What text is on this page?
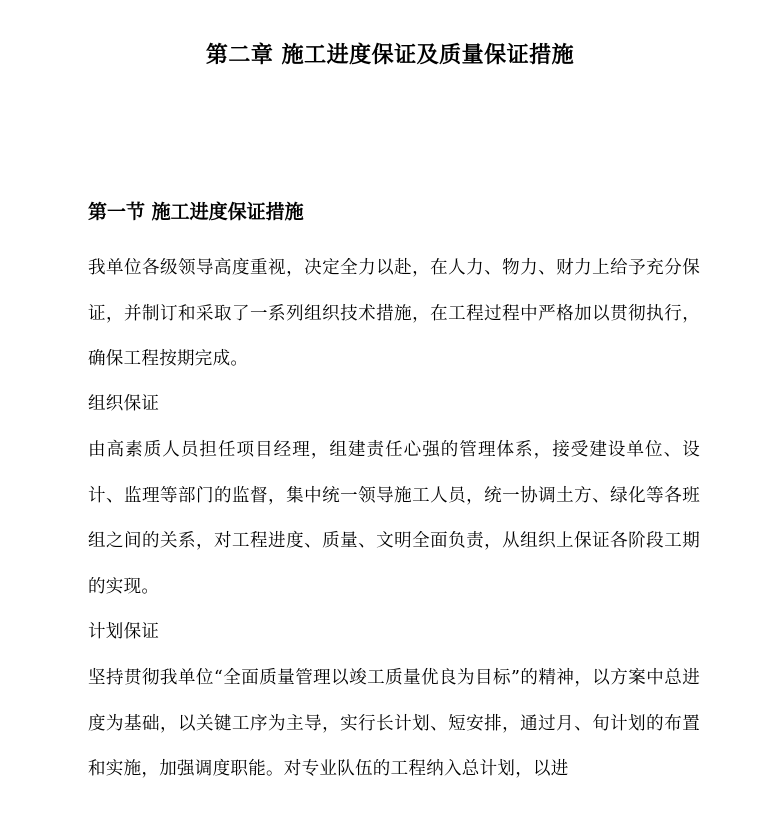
第二章 施工进度保证及质量保证措施
第一节 施工进度保证措施

我单位各级领导高度重视，决定全力以赴，在人力、物力、财力上给予充分保证，并制订和采取了一系列组织技术措施，在工程过程中严格加以贯彻执行，确保工程按期完成。

组织保证

由高素质人员担任项目经理，组建责任心强的管理体系，接受建设单位、设计、监理等部门的监督，集中统一领导施工人员，统一协调土方、绿化等各班组之间的关系，对工程进度、质量、文明全面负责，从组织上保证各阶段工期的实现。

计划保证

坚持贯彻我单位“全面质量管理以竣工质量优良为目标”的精神，以方案中总进度为基础，以关键工序为主导，实行长计划、短安排，通过月、旬计划的布置和实施，加强调度职能。对专业队伍的工程纳入总计划，以进
